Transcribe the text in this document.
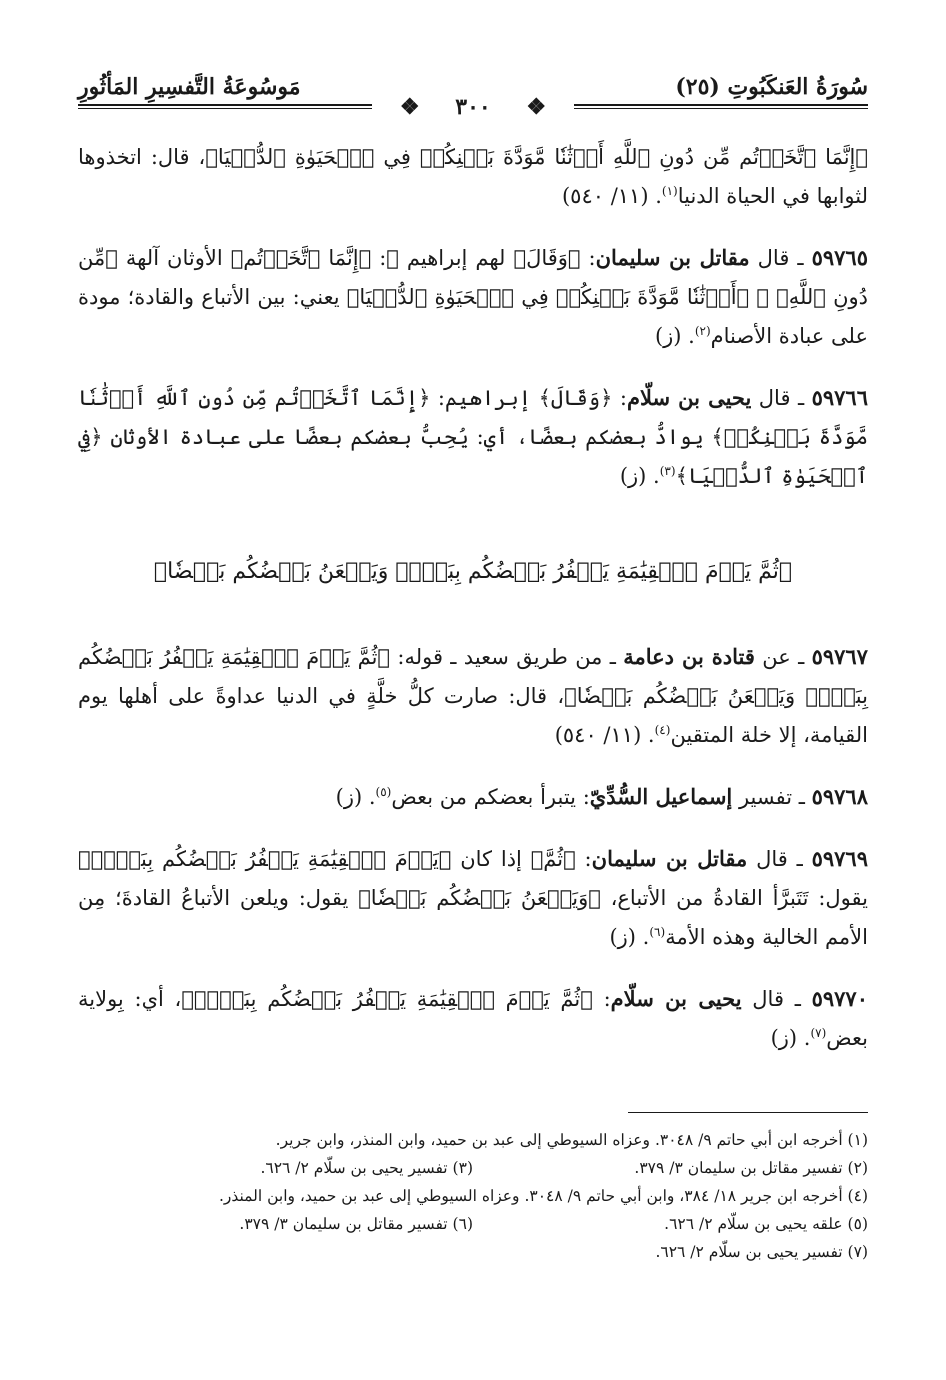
سُورَةُ العَنكَبُوتِ (٢٥)
مَوسُوعَةُ التَّفسِيرِ المَأثُورِ
❖ ٣٠٠ ❖

﴿إِنَّمَا ٱتَّخَذۡتُم مِّن دُونِ ٱللَّهِ أَوۡثَٰنٗا مَّوَدَّةَ بَيۡنِكُمۡ فِي ٱلۡحَيَوٰةِ ٱلدُّنۡيَا﴾، قال: اتخذوها لثوابها في الحياة الدنيا$^{(١)}$. (١١/ ٥٤٠)

٥٩٧٦٥ ـ قال مقاتل بن سليمان: ﴿وَقَالَ﴾ لهم إبراهيم ﵇: ﴿إِنَّمَا ٱتَّخَذۡتُم﴾ الأوثان آلهة ﴿مِّن دُونِ ٱللَّهِ﴾ ﷻ ﴿أَوۡثَٰنٗا مَّوَدَّةَ بَيۡنِكُمۡ فِي ٱلۡحَيَوٰةِ ٱلدُّنۡيَا﴾ يعني: بين الأتباع والقادة؛ مودة على عبادة الأصنام$^{(٢)}$. (ز)

٥٩٧٦٦ ـ قال يحيى بن سلّام: ﴿وَقَالَ﴾ إبراهيم: ﴿إِنَّمَا ٱتَّخَذۡتُم مِّن دُونِ ٱللَّهِ أَوۡثَٰنٗا مَّوَدَّةَ بَيۡنِكُمۡ﴾ يوادُّ بعضكم بعضًا، أي: يُحِبُّ بعضكم بعضًا على عبادة الأوثان ﴿فِي ٱلۡحَيَوٰةِ ٱلدُّنۡيَا﴾$^{(٣)}$. (ز)

﴿ثُمَّ يَوۡمَ ٱلۡقِيَٰمَةِ يَكۡفُرُ بَعۡضُكُم بِبَعۡضٖ وَيَلۡعَنُ بَعۡضُكُم بَعۡضٗا﴾

٥٩٧٦٧ ـ عن قتادة بن دعامة ـ من طريق سعيد ـ قوله: ﴿ثُمَّ يَوۡمَ ٱلۡقِيَٰمَةِ يَكۡفُرُ بَعۡضُكُم بِبَعۡضٖ وَيَلۡعَنُ بَعۡضُكُم بَعۡضٗا﴾، قال: صارت كلُّ خلَّةٍ في الدنيا عداوةً على أهلها يوم القيامة، إلا خلة المتقين$^{(٤)}$. (١١/ ٥٤٠)

٥٩٧٦٨ ـ تفسير إسماعيل السُّدِّيّ: يتبرأ بعضكم من بعض$^{(٥)}$. (ز)

٥٩٧٦٩ ـ قال مقاتل بن سليمان: ﴿ثُمَّ﴾ إذا كان ﴿يَوۡمَ ٱلۡقِيَٰمَةِ يَكۡفُرُ بَعۡضُكُم بِبَعۡضٖ﴾ يقول: تَتَبرَّأ القادةُ من الأتباع، ﴿وَيَلۡعَنُ بَعۡضُكُم بَعۡضٗا﴾ يقول: ويلعن الأتباعُ القادةَ؛ مِن الأمم الخالية وهذه الأمة$^{(٦)}$. (ز)

٥٩٧٧٠ ـ قال يحيى بن سلّام: ﴿ثُمَّ يَوۡمَ ٱلۡقِيَٰمَةِ يَكۡفُرُ بَعۡضُكُم بِبَعۡضٖ﴾، أي: بِولاية بعض$^{(٧)}$. (ز)

(١) أخرجه ابن أبي حاتم ٩/ ٣٠٤٨. وعزاه السيوطي إلى عبد بن حميد، وابن المنذر، وابن جرير.

(٢) تفسير مقاتل بن سليمان ٣/ ٣٧٩.
(٣) تفسير يحيى بن سلّام ٢/ ٦٢٦.

(٤) أخرجه ابن جرير ١٨/ ٣٨٤، وابن أبي حاتم ٩/ ٣٠٤٨. وعزاه السيوطي إلى عبد بن حميد، وابن المنذر.

(٥) علقه يحيى بن سلّام ٢/ ٦٢٦.
(٦) تفسير مقاتل بن سليمان ٣/ ٣٧٩.

(٧) تفسير يحيى بن سلّام ٢/ ٦٢٦.
